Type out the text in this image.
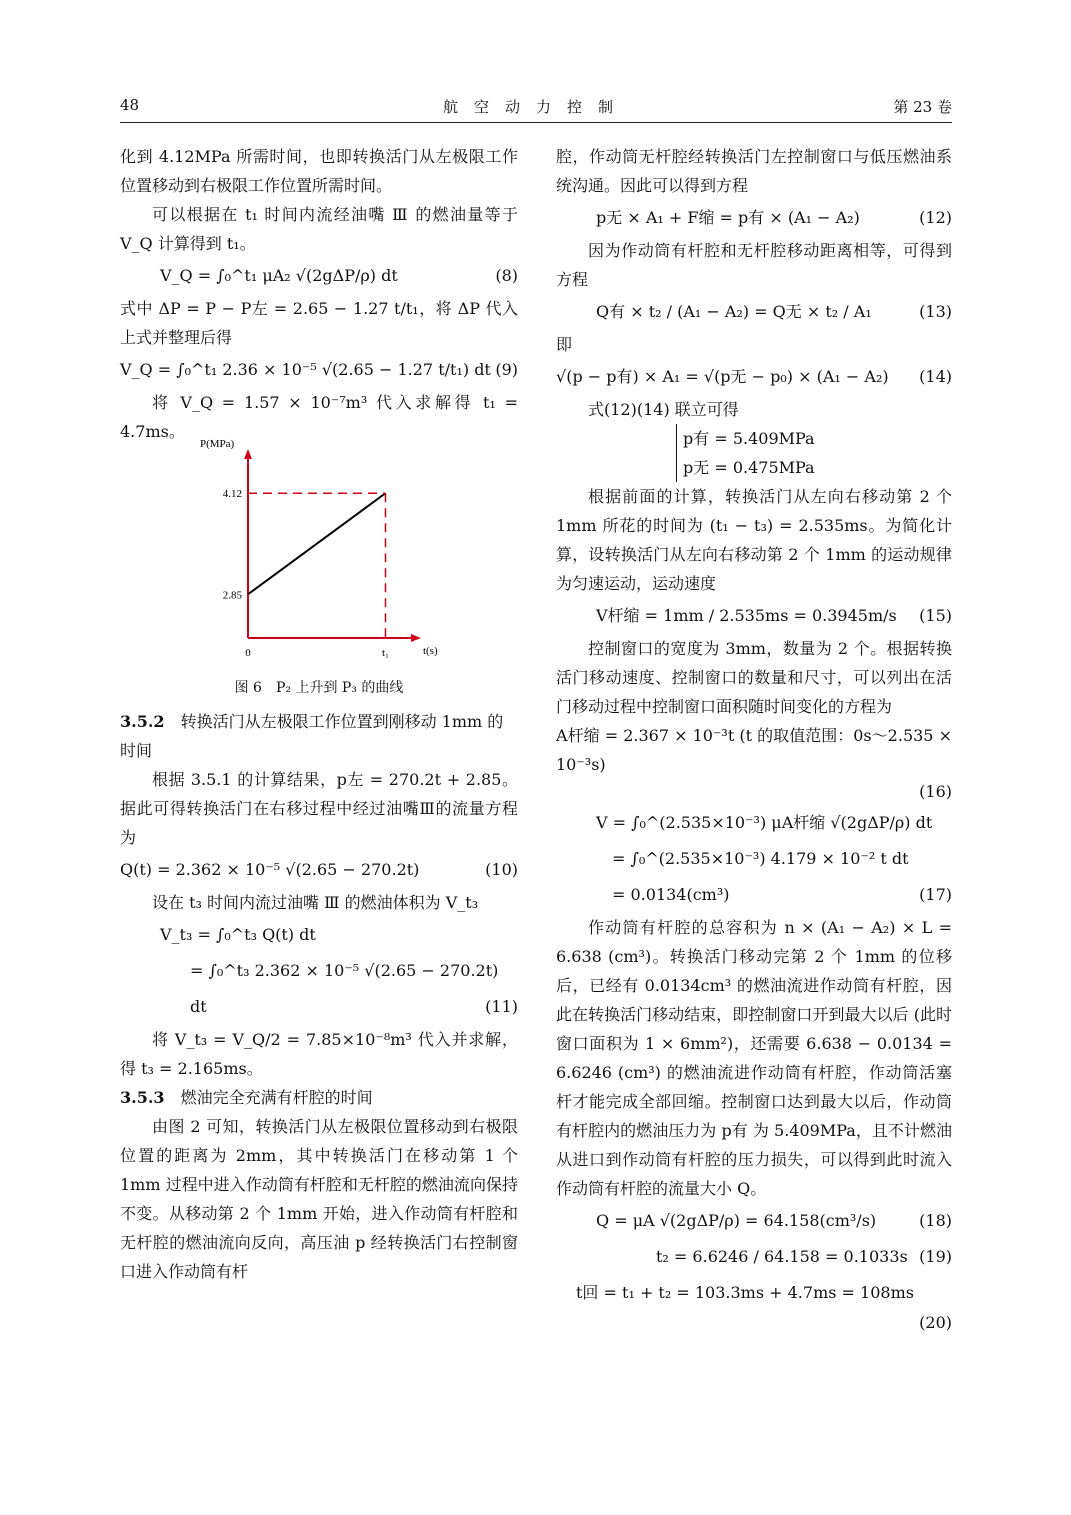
48	航空动力控制	第 23 卷

化到 4.12MPa 所需时间，也即转换活门从左极限工作位置移动到右极限工作位置所需时间。

可以根据在 t₁ 时间内流经油嘴 Ⅲ 的燃油量等于 V_Q 计算得到 t₁。

V_Q = ∫₀^t₁ μA₂ √(2gΔP/ρ) dt	(8)

式中 ΔP = P − P左 = 2.65 − 1.27 t/t₁，将 ΔP 代入上式并整理后得

V_Q = ∫₀^t₁ 2.36 × 10⁻⁵ √(2.65 − 1.27 t/t₁) dt (9)

将 V_Q = 1.57 × 10⁻⁷m³ 代入求解得 t₁ = 4.7ms。

P(MPa)
t(s)
4.12
2.85
0	t₁
图 6　P₂ 上升到 P₃ 的曲线
3.5.2　 转换活门从左极限工作位置到刚移动 1mm 的时间

根据 3.5.1 的计算结果，p左 = 270.2t + 2.85。据此可得转换活门在右移过程中经过油嘴Ⅲ的流量方程为

Q(t) = 2.362 × 10⁻⁵ √(2.65 − 270.2t)	(10)

设在 t₃ 时间内流过油嘴 Ⅲ 的燃油体积为 V_t₃

V_t₃ = ∫₀^t₃ Q(t) dt
= ∫₀^t₃ 2.362 × 10⁻⁵ √(2.65 − 270.2t) dt	(11)

将 V_t₃ = V_Q/2 = 7.85×10⁻⁸m³ 代入并求解，得 t₃ = 2.165ms。

3.5.3　 燃油完全充满有杆腔的时间

由图 2 可知，转换活门从左极限位置移动到右极限位置的距离为 2mm，其中转换活门在移动第 1 个 1mm 过程中进入作动筒有杆腔和无杆腔的燃油流向保持不变。从移动第 2 个 1mm 开始，进入作动筒有杆腔和无杆腔的燃油流向反向，高压油 p 经转换活门右控制窗口进入作动筒有杆

腔，作动筒无杆腔经转换活门左控制窗口与低压燃油系统沟通。因此可以得到方程

p无 × A₁ + F缩 = p有 × (A₁ − A₂)	(12)

因为作动筒有杆腔和无杆腔移动距离相等，可得到方程

Q有 × t₂ / (A₁ − A₂) = Q无 × t₂ / A₁	(13)

即

√(p − p有) × A₁ = √(p无 − p₀) × (A₁ − A₂) (14)

式(12)(14) 联立可得

p有 = 5.409MPa
p无 = 0.475MPa

根据前面的计算，转换活门从左向右移动第 2 个 1mm 所花的时间为 (t₁ − t₃) = 2.535ms。为简化计算，设转换活门从左向右移动第 2 个 1mm 的运动规律为匀速运动，运动速度

V杆缩 = 1mm / 2.535ms = 0.3945m/s (15)

控制窗口的宽度为 3mm，数量为 2 个。根据转换活门移动速度、控制窗口的数量和尺寸，可以列出在活门移动过程中控制窗口面积随时间变化的方程为

A杆缩 = 2.367 × 10⁻³t (t 的取值范围：0s～2.535 × 10⁻³s)

(16)
V = ∫₀^(2.535×10⁻³) μA杆缩 √(2gΔP/ρ) dt
= ∫₀^(2.535×10⁻³) 4.179 × 10⁻² t dt
= 0.0134(cm³)	(17)

作动筒有杆腔的总容积为 n × (A₁ − A₂) × L = 6.638 (cm³)。转换活门移动完第 2 个 1mm 的位移后，已经有 0.0134cm³ 的燃油流进作动筒有杆腔，因此在转换活门移动结束，即控制窗口开到最大以后 (此时窗口面积为 1 × 6mm²)，还需要 6.638 − 0.0134 = 6.6246 (cm³) 的燃油流进作动筒有杆腔，作动筒活塞杆才能完成全部回缩。控制窗口达到最大以后，作动筒有杆腔内的燃油压力为 p有 为 5.409MPa，且不计燃油从进口到作动筒有杆腔的压力损失，可以得到此时流入作动筒有杆腔的流量大小 Q。

Q = μA √(2gΔP/ρ) = 64.158(cm³/s)	(18)
t₂ = 6.6246 / 64.158 = 0.1033s (19)
t回 = t₁ + t₂ = 103.3ms + 4.7ms = 108ms
(20)
